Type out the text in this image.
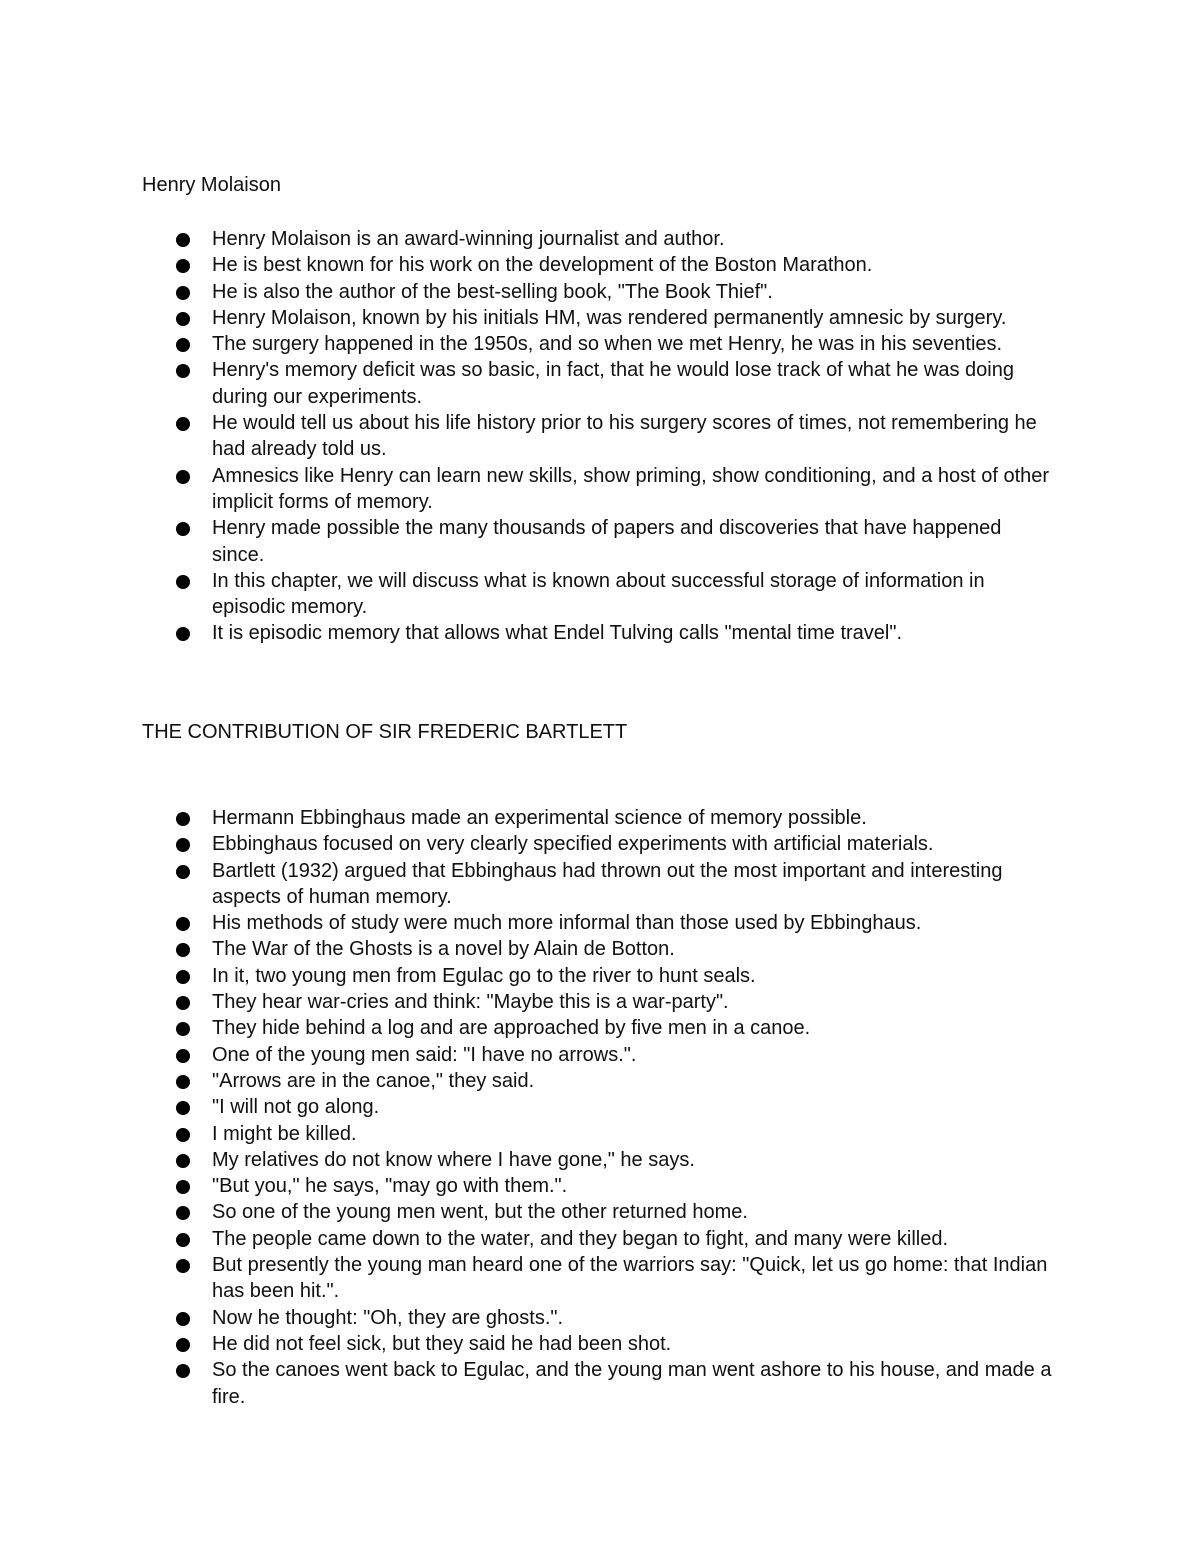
Henry Molaison
Henry Molaison is an award-winning journalist and author.
He is best known for his work on the development of the Boston Marathon.
He is also the author of the best-selling book, "The Book Thief".
Henry Molaison, known by his initials HM, was rendered permanently amnesic by surgery.
The surgery happened in the 1950s, and so when we met Henry, he was in his seventies.
Henry's memory deficit was so basic, in fact, that he would lose track of what he was doing during our experiments.
He would tell us about his life history prior to his surgery scores of times, not remembering he had already told us.
Amnesics like Henry can learn new skills, show priming, show conditioning, and a host of other implicit forms of memory.
Henry made possible the many thousands of papers and discoveries that have happened since.
In this chapter, we will discuss what is known about successful storage of information in episodic memory.
It is episodic memory that allows what Endel Tulving calls "mental time travel".
THE CONTRIBUTION OF SIR FREDERIC BARTLETT
Hermann Ebbinghaus made an experimental science of memory possible.
Ebbinghaus focused on very clearly specified experiments with artificial materials.
Bartlett (1932) argued that Ebbinghaus had thrown out the most important and interesting aspects of human memory.
His methods of study were much more informal than those used by Ebbinghaus.
The War of the Ghosts is a novel by Alain de Botton.
In it, two young men from Egulac go to the river to hunt seals.
They hear war-cries and think: "Maybe this is a war-party".
They hide behind a log and are approached by five men in a canoe.
One of the young men said: "I have no arrows.".
"Arrows are in the canoe," they said.
"I will not go along.
I might be killed.
My relatives do not know where I have gone," he says.
"But you," he says, "may go with them.".
So one of the young men went, but the other returned home.
The people came down to the water, and they began to fight, and many were killed.
But presently the young man heard one of the warriors say: "Quick, let us go home: that Indian has been hit.".
Now he thought: "Oh, they are ghosts.".
He did not feel sick, but they said he had been shot.
So the canoes went back to Egulac, and the young man went ashore to his house, and made a fire.
